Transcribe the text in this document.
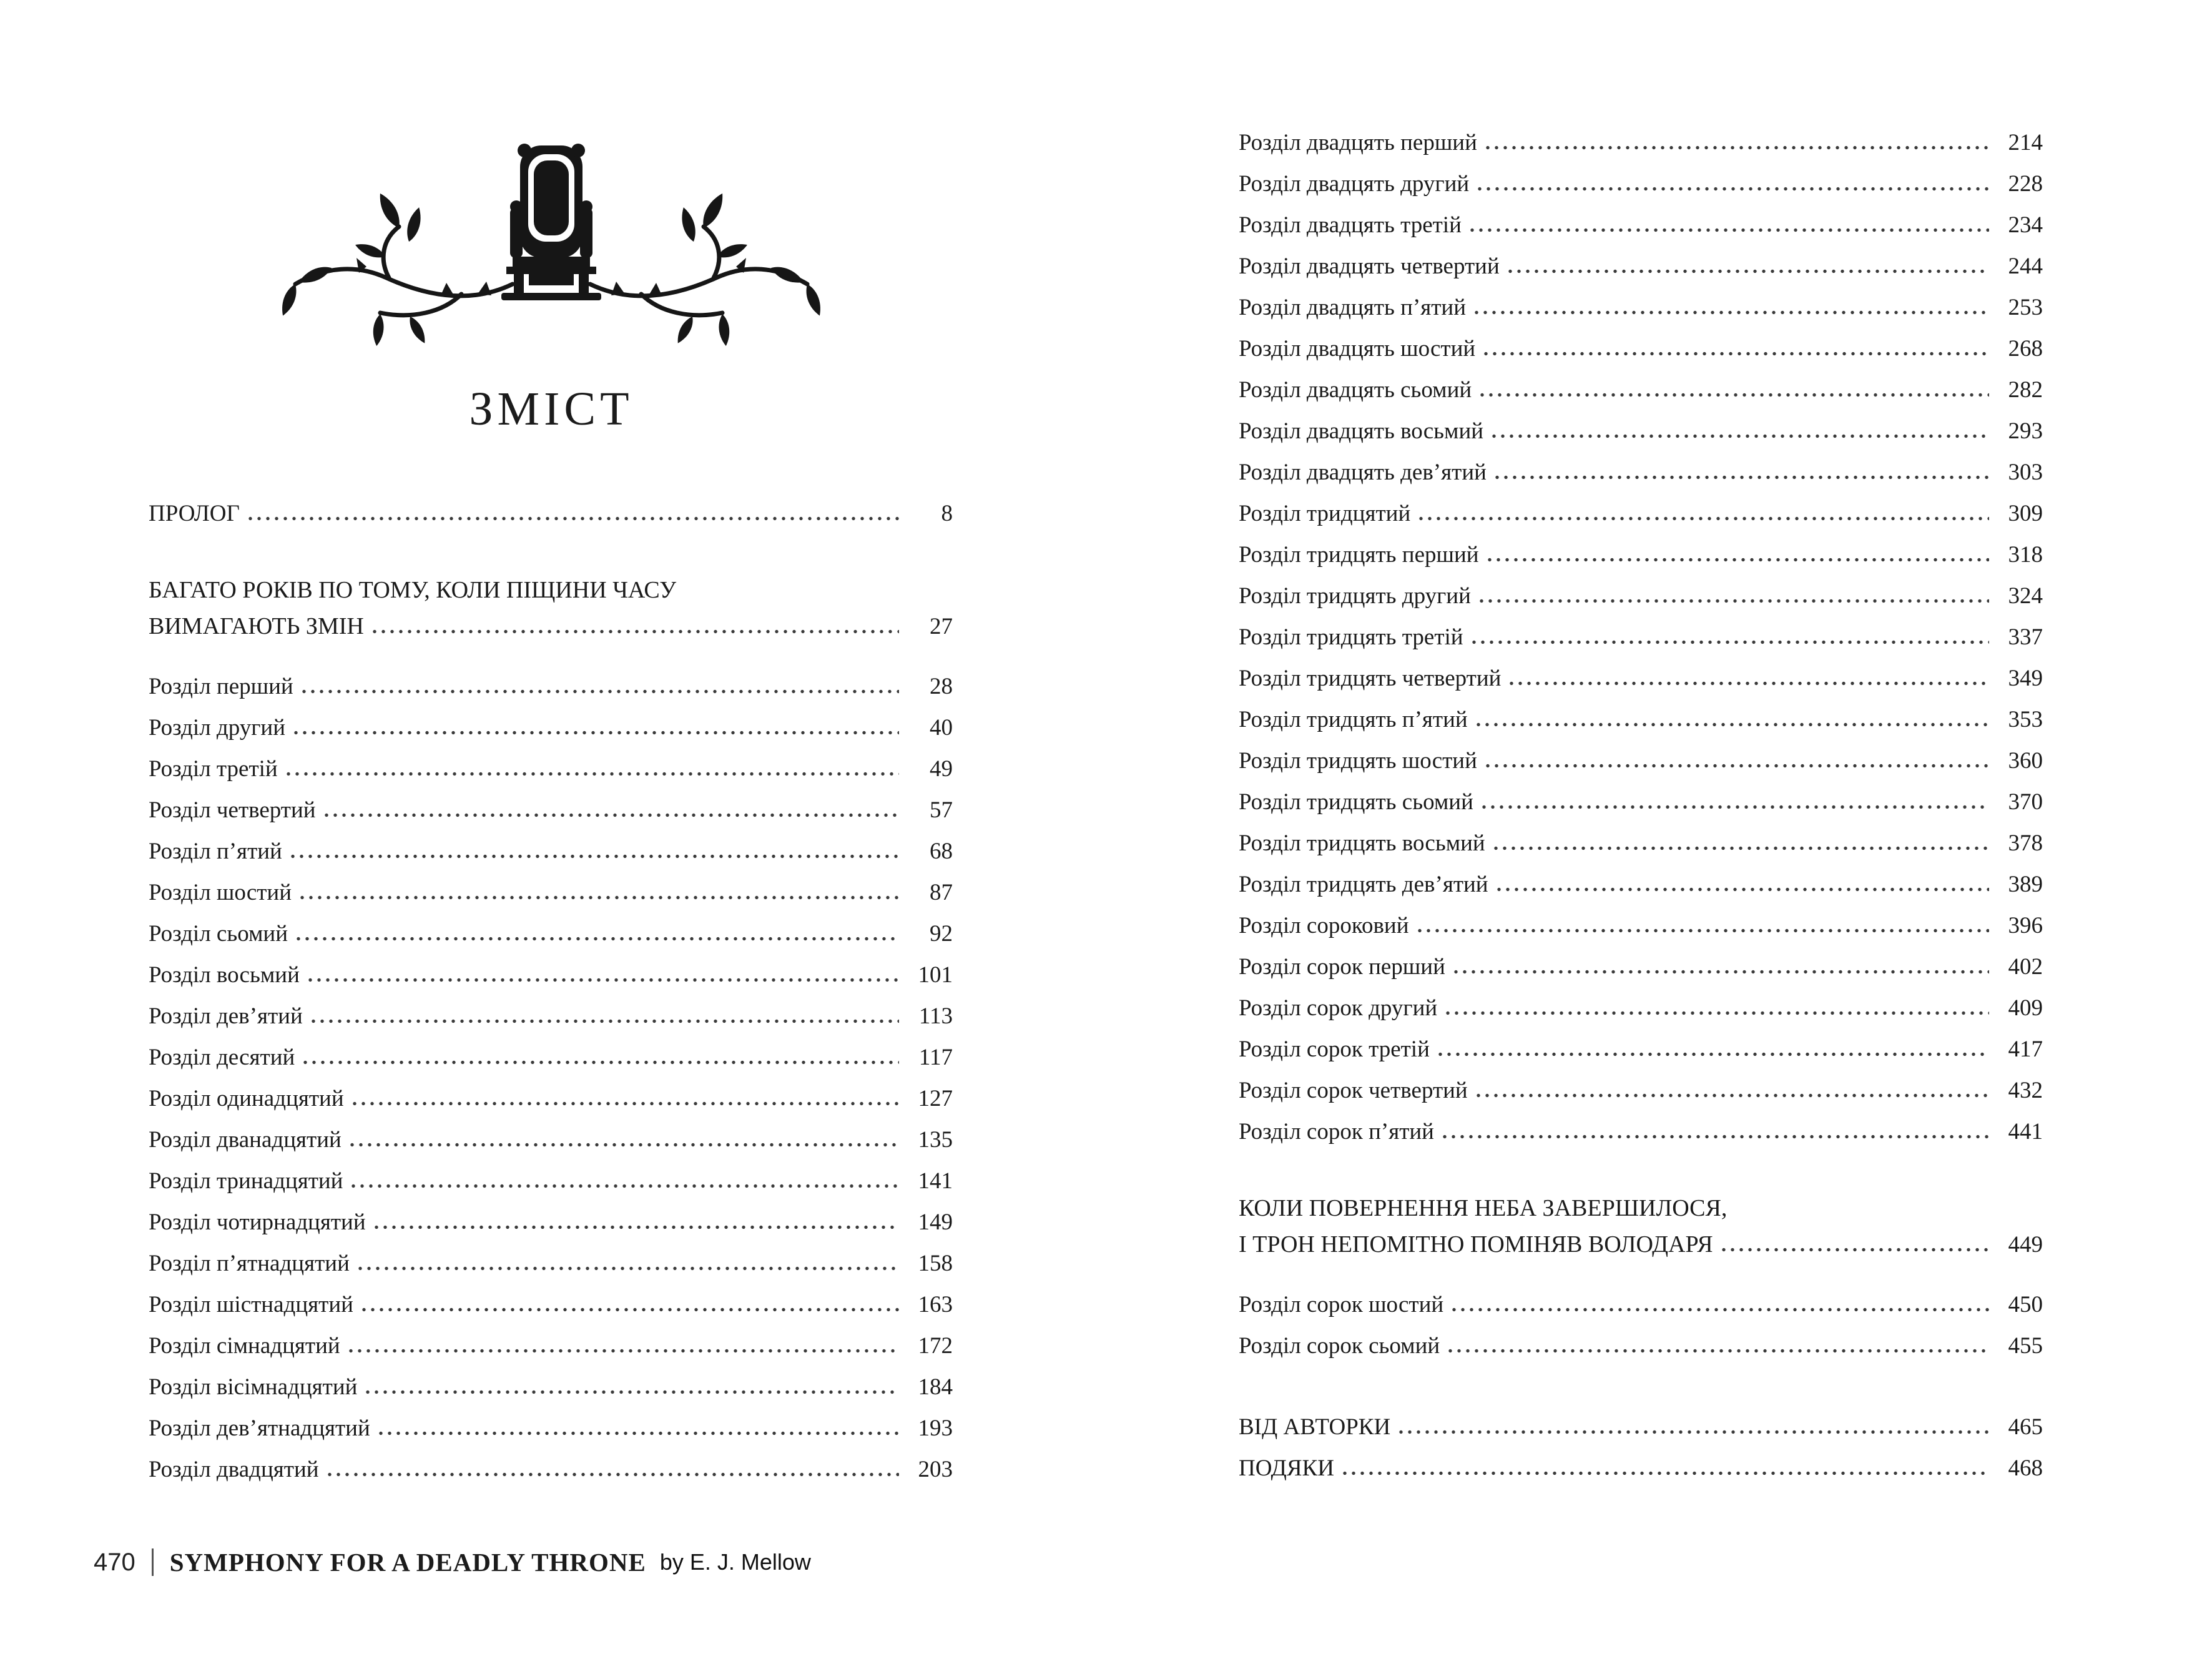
ЗМІСТ
ПРОЛОГ	8
БАГАТО РОКІВ ПО ТОМУ, КОЛИ ПІЩИНИ ЧАСУ
ВИМАГАЮТЬ ЗМІН	27
Розділ перший	28
Розділ другий	40
Розділ третій	49
Розділ четвертий	57
Розділ п’ятий	68
Розділ шостий	87
Розділ сьомий	92
Розділ восьмий	101
Розділ дев’ятий	113
Розділ десятий	117
Розділ одинадцятий	127
Розділ дванадцятий	135
Розділ тринадцятий	141
Розділ чотирнадцятий	149
Розділ п’ятнадцятий	158
Розділ шістнадцятий	163
Розділ сімнадцятий	172
Розділ вісімнадцятий	184
Розділ дев’ятнадцятий	193
Розділ двадцятий	203
Розділ двадцять перший	214
Розділ двадцять другий	228
Розділ двадцять третій	234
Розділ двадцять четвертий	244
Розділ двадцять п’ятий	253
Розділ двадцять шостий	268
Розділ двадцять сьомий	282
Розділ двадцять восьмий	293
Розділ двадцять дев’ятий	303
Розділ тридцятий	309
Розділ тридцять перший	318
Розділ тридцять другий	324
Розділ тридцять третій	337
Розділ тридцять четвертий	349
Розділ тридцять п’ятий	353
Розділ тридцять шостий	360
Розділ тридцять сьомий	370
Розділ тридцять восьмий	378
Розділ тридцять дев’ятий	389
Розділ сороковий	396
Розділ сорок перший	402
Розділ сорок другий	409
Розділ сорок третій	417
Розділ сорок четвертий	432
Розділ сорок п’ятий	441
КОЛИ ПОВЕРНЕННЯ НЕБА ЗАВЕРШИЛОСЯ,
І ТРОН НЕПОМІТНО ПОМІНЯВ ВОЛОДАРЯ	449
Розділ сорок шостий	450
Розділ сорок сьомий	455
ВІД АВТОРКИ	465
ПОДЯКИ	468
470 SYMPHONY FOR A DEADLY THRONE by E. J. Mellow
